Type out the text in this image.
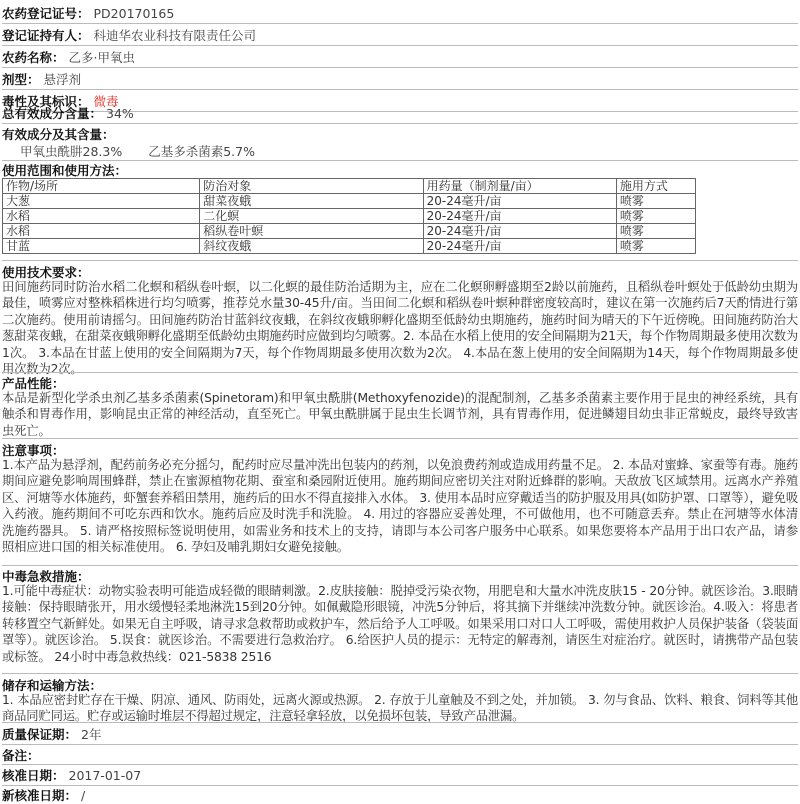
农药登记证号： PD20170165
登记证持有人： 科迪华农业科技有限责任公司
农药名称： 乙多·甲氧虫
剂型： 悬浮剂
毒性及其标识： 微毒
总有效成分含量： 34%
有效成分及其含量：
甲氧虫酰肼28.3% 乙基多杀菌素5.7%
使用范围和使用方法：
作物/场所	防治对象	用药量（制剂量/亩）	施用方式
大葱	甜菜夜蛾	20-24毫升/亩	喷雾
水稻	二化螟	20-24毫升/亩	喷雾
水稻	稻纵卷叶螟	20-24毫升/亩	喷雾
甘蓝	斜纹夜蛾	20-24毫升/亩	喷雾
使用技术要求：
田间施药同时防治水稻二化螟和稻纵卷叶螟，以二化螟的最佳防治适期为主，应在二化螟卵孵盛期至2龄以前施药，且稻纵卷叶螟处于低龄幼虫期为最佳，喷雾应对整株稻株进行均匀喷雾，推荐兑水量30-45升/亩。当田间二化螟和稻纵卷叶螟种群密度较高时，建议在第一次施药后7天酌情进行第二次施药。使用前请摇匀。田间施药防治甘蓝斜纹夜蛾，在斜纹夜蛾卵孵化盛期至低龄幼虫期施药，施药时间为晴天的下午近傍晚。田间施药防治大葱甜菜夜蛾，在甜菜夜蛾卵孵化盛期至低龄幼虫期施药时应做到均匀喷雾。2. 本品在水稻上使用的安全间隔期为21天，每个作物周期最多使用次数为1次。 3.本品在甘蓝上使用的安全间隔期为7天，每个作物周期最多使用次数为2次。 4.本品在葱上使用的安全间隔期为14天，每个作物周期最多使用次数为2次。
产品性能：
本品是新型化学杀虫剂乙基多杀菌素(Spinetoram)和甲氧虫酰肼(Methoxyfenozide)的混配制剂，乙基多杀菌素主要作用于昆虫的神经系统，具有触杀和胃毒作用，影响昆虫正常的神经活动，直至死亡。甲氧虫酰肼属于昆虫生长调节剂，具有胃毒作用，促进鳞翅目幼虫非正常蜕皮，最终导致害虫死亡。
注意事项：
1.本产品为悬浮剂，配药前务必充分摇匀，配药时应尽量冲洗出包装内的药剂，以免浪费药剂或造成用药量不足。 2. 本品对蜜蜂、家蚕等有毒。施药期间应避免影响周围蜂群，禁止在蜜源植物花期、蚕室和桑园附近使用。施药期间应密切关注对附近蜂群的影响。天敌放飞区域禁用。远离水产养殖区、河塘等水体施药，虾蟹套养稻田禁用，施药后的田水不得直接排入水体。 3. 使用本品时应穿戴适当的防护服及用具(如防护罩、口罩等），避免吸入药液。施药期间不可吃东西和饮水。施药后应及时洗手和洗脸。 4. 用过的容器应妥善处理，不可做他用，也不可随意丢弃。禁止在河塘等水体清洗施药器具。 5. 请严格按照标签说明使用，如需业务和技术上的支持，请即与本公司客户服务中心联系。如果您要将本产品用于出口农产品，请参照相应进口国的相关标准使用。 6. 孕妇及哺乳期妇女避免接触。
中毒急救措施：
1.可能中毒症状：动物实验表明可能造成轻微的眼睛刺激。2.皮肤接触：脱掉受污染衣物，用肥皂和大量水冲洗皮肤15 - 20分钟。就医诊治。3.眼睛接触：保持眼睛张开，用水缓慢轻柔地淋洗15到20分钟。如佩戴隐形眼镜，冲洗5分钟后，将其摘下并继续冲洗数分钟。就医诊治。4.吸入：将患者转移置空气新鲜处。如果无自主呼吸，请寻求急救帮助或救护车，然后给予人工呼吸。如果采用口对口人工呼吸，需使用救护人员保护装备（袋装面罩等）。就医诊治。 5.误食：就医诊治。不需要进行急救治疗。 6.给医护人员的提示：无特定的解毒剂，请医生对症治疗。就医时，请携带产品包装或标签。 24小时中毒急救热线：021-5838 2516
储存和运输方法：
1. 本品应密封贮存在干燥、阴凉、通风、防雨处，远离火源或热源。 2. 存放于儿童触及不到之处，并加锁。 3. 勿与食品、饮料、粮食、饲料等其他商品同贮同运。贮存或运输时堆层不得超过规定，注意轻拿轻放，以免损坏包装，导致产品泄漏。
质量保证期： 2年
备注：
核准日期： 2017-01-07
新核准日期： /
